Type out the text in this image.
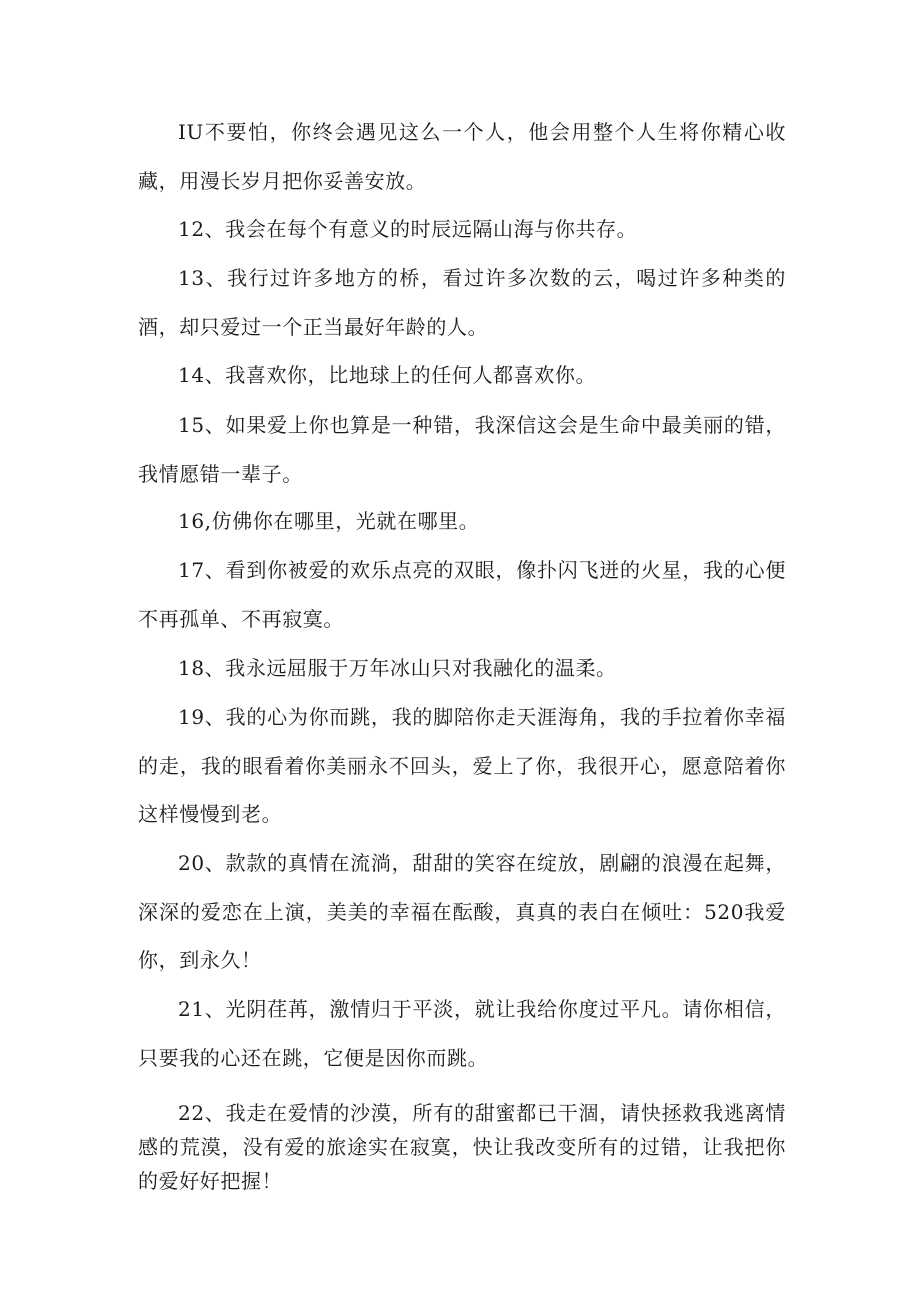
IU不要怕，你终会遇见这么一个人，他会用整个人生将你精心收藏，用漫长岁月把你妥善安放。

12、我会在每个有意义的时辰远隔山海与你共存。

13、我行过许多地方的桥，看过许多次数的云，喝过许多种类的酒，却只爱过一个正当最好年龄的人。

14、我喜欢你，比地球上的任何人都喜欢你。

15、如果爱上你也算是一种错，我深信这会是生命中最美丽的错，我情愿错一辈子。

16,仿佛你在哪里，光就在哪里。

17、看到你被爱的欢乐点亮的双眼，像扑闪飞迸的火星，我的心便不再孤单、不再寂寞。

18、我永远屈服于万年冰山只对我融化的温柔。

19、我的心为你而跳，我的脚陪你走天涯海角，我的手拉着你幸福的走，我的眼看着你美丽永不回头，爱上了你，我很开心，愿意陪着你这样慢慢到老。

20、款款的真情在流淌，甜甜的笑容在绽放，剧翩的浪漫在起舞，深深的爱恋在上演，美美的幸福在酝酸，真真的表白在倾吐：520我爱你，到永久！

21、光阴荏苒，激情归于平淡，就让我给你度过平凡。请你相信，只要我的心还在跳，它便是因你而跳。

22、我走在爱情的沙漠，所有的甜蜜都已干涸，请快拯救我逃离情感的荒漠，没有爱的旅途实在寂寞，快让我改变所有的过错，让我把你的爱好好把握！
